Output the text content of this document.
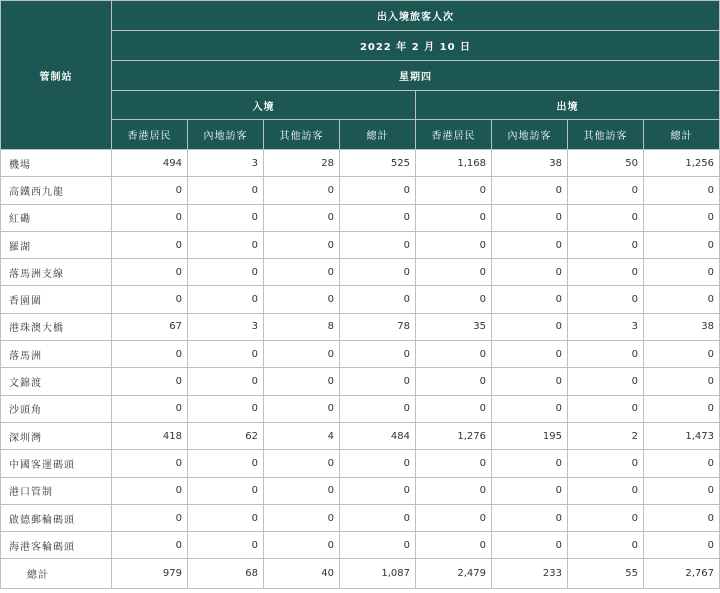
管制站	出入境旅客人次							
	2022 年 2 月 10 日							
	星期四							
	入境				出境			
	香港居民	內地訪客	其他訪客	總計	香港居民	內地訪客	其他訪客	總計
機場	494	3	28	525	1,168	38	50	1,256
高鐵西九龍	0	0	0	0	0	0	0	0
紅磡	0	0	0	0	0	0	0	0
羅湖	0	0	0	0	0	0	0	0
落馬洲支線	0	0	0	0	0	0	0	0
香園圍	0	0	0	0	0	0	0	0
港珠澳大橋	67	3	8	78	35	0	3	38
落馬洲	0	0	0	0	0	0	0	0
文錦渡	0	0	0	0	0	0	0	0
沙頭角	0	0	0	0	0	0	0	0
深圳灣	418	62	4	484	1,276	195	2	1,473
中國客運碼頭	0	0	0	0	0	0	0	0
港口管制	0	0	0	0	0	0	0	0
啟德郵輪碼頭	0	0	0	0	0	0	0	0
海港客輪碼頭	0	0	0	0	0	0	0	0
總計	979	68	40	1,087	2,479	233	55	2,767
